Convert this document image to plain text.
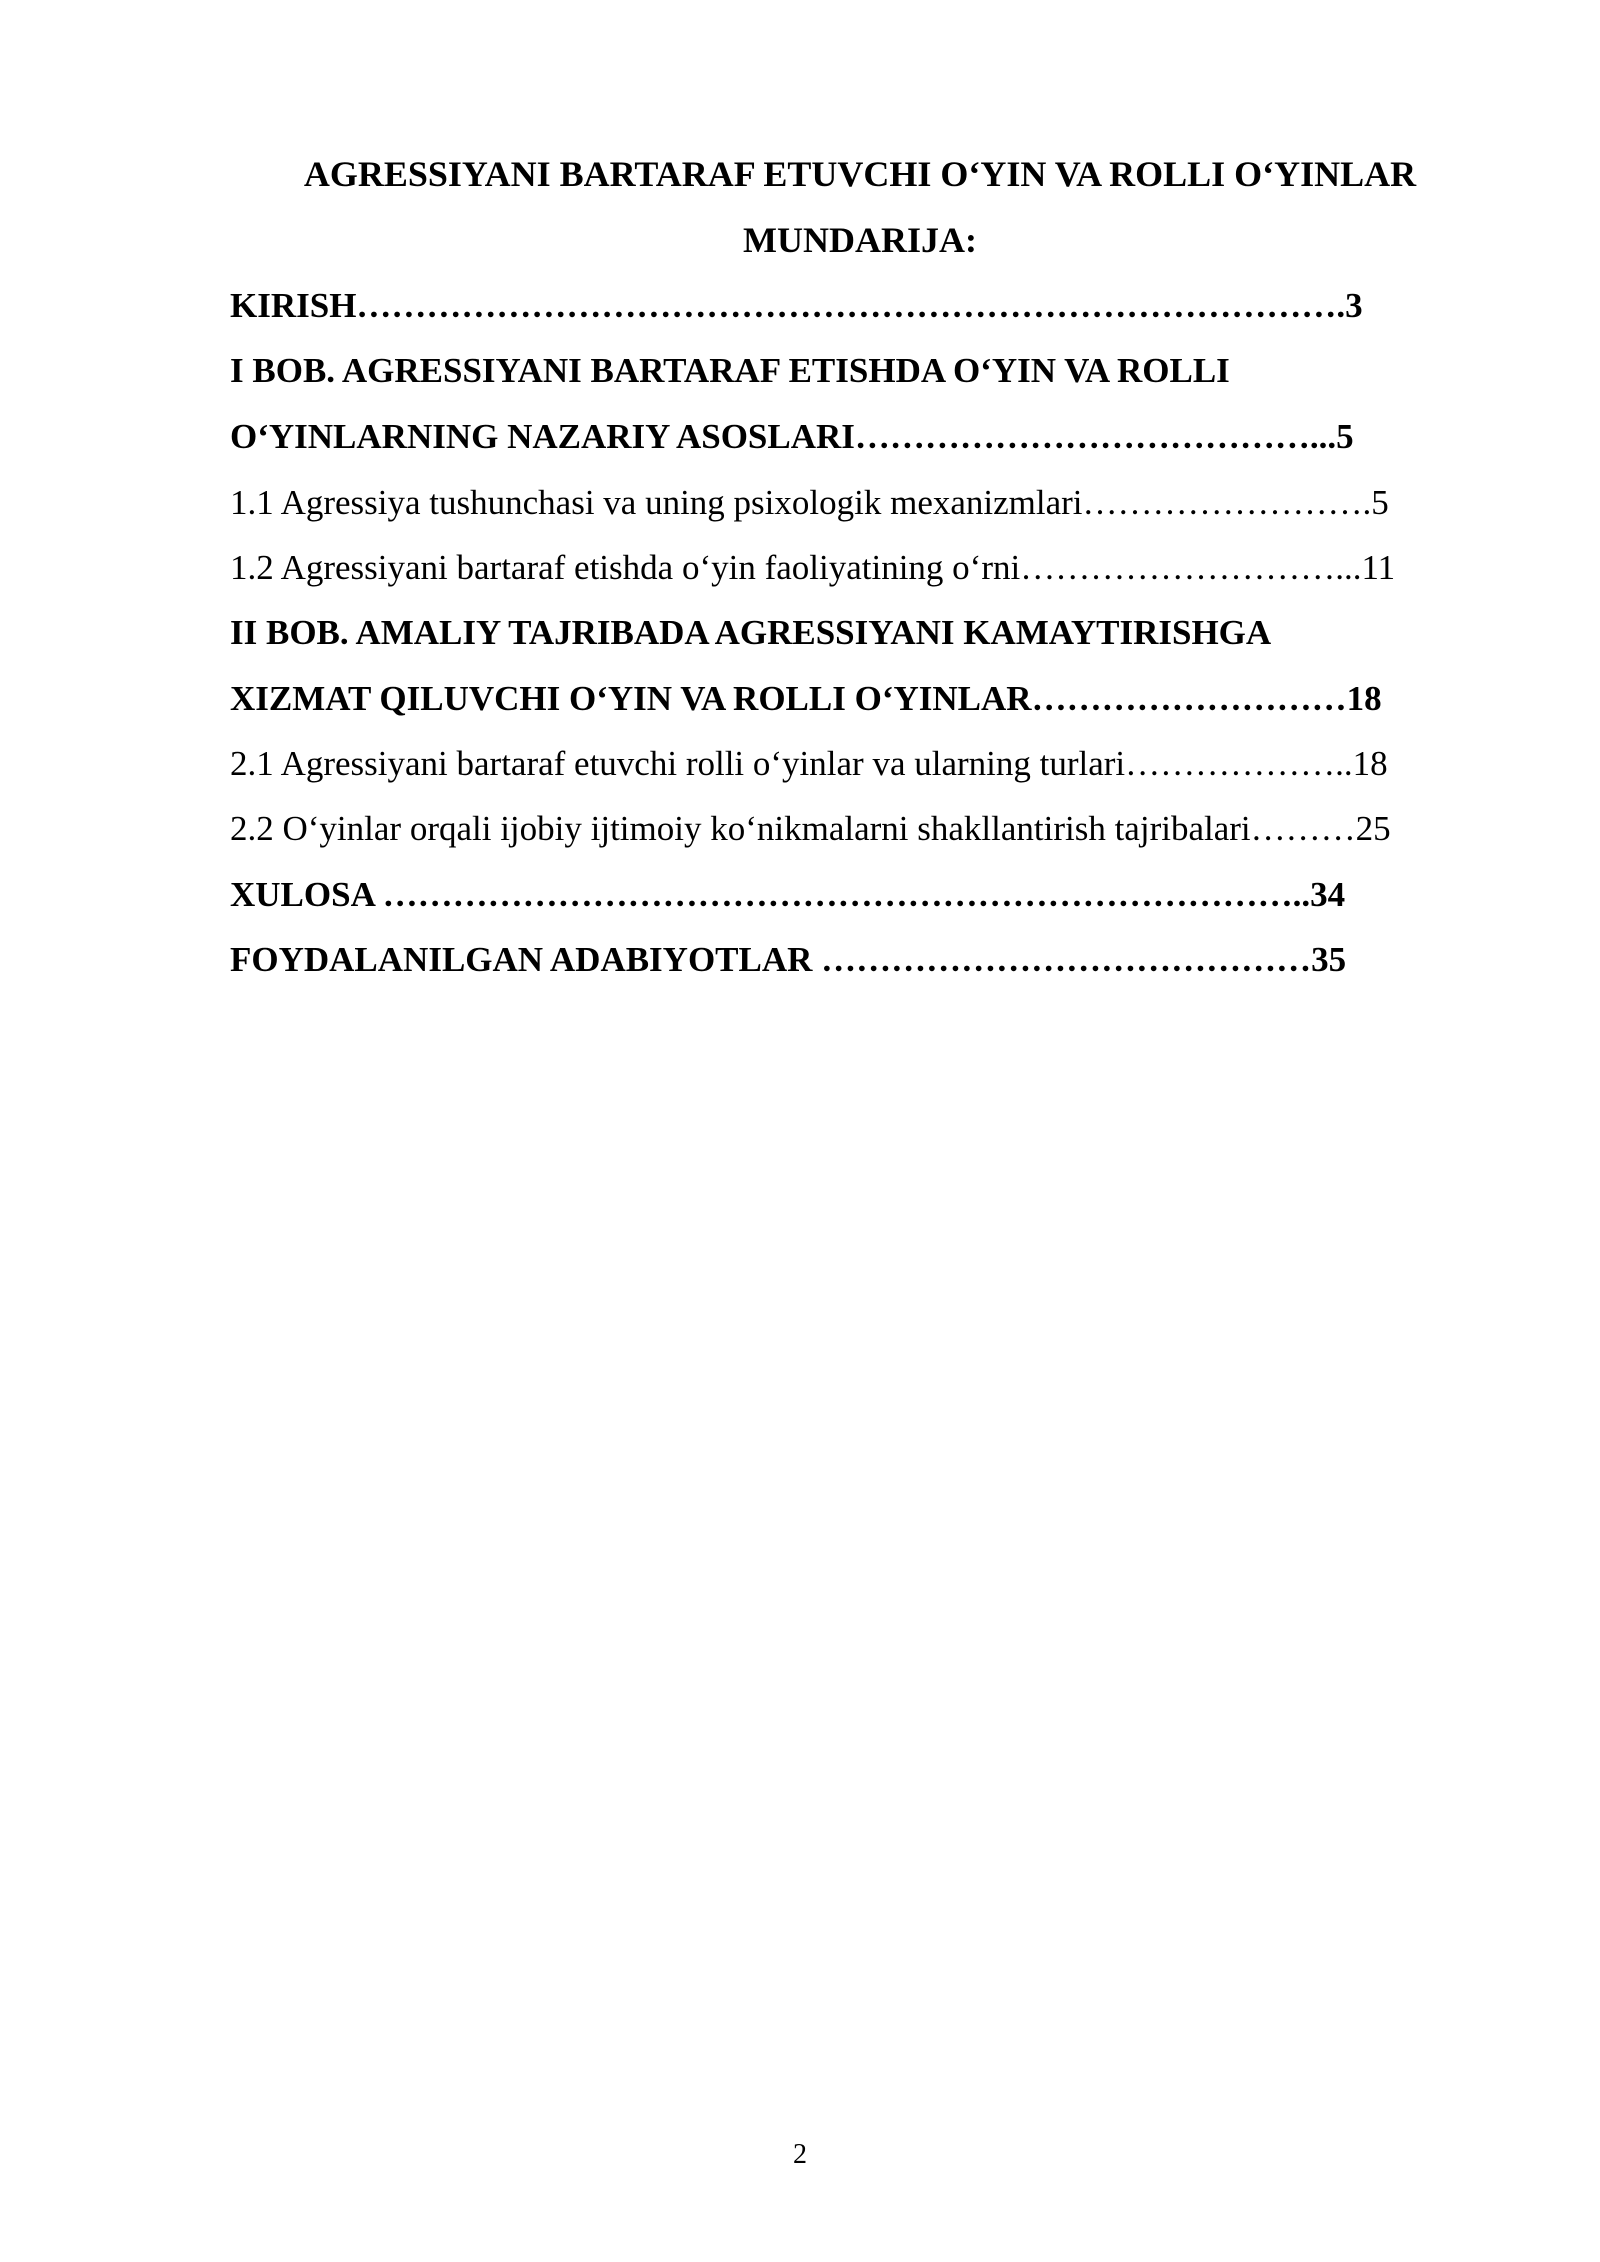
AGRESSIYANI BARTARAF ETUVCHI O‘YIN VA ROLLI O‘YINLAR
MUNDARIJA:
KIRISH………………………………………………………………………….3
I BOB. AGRESSIYANI BARTARAF ETISHDA O‘YIN VA ROLLI
O‘YINLARNING NAZARIY ASOSLARI…………………………………...5
1.1 Agressiya tushunchasi va uning psixologik mexanizmlari…………………….5
1.2 Agressiyani bartaraf etishda o‘yin faoliyatining o‘rni………………………...11
II BOB. AMALIY TAJRIBADA AGRESSIYANI KAMAYTIRISHGA
XIZMAT QILUVCHI O‘YIN VA ROLLI O‘YINLAR………………………18
2.1 Agressiyani bartaraf etuvchi rolli o‘yinlar va ularning turlari………………..18
2.2 O‘yinlar orqali ijobiy ijtimoiy ko‘nikmalarni shakllantirish tajribalari………25
XULOSA ……………………………………………………………………..34
FOYDALANILGAN ADABIYOTLAR ……………………………………35
2
